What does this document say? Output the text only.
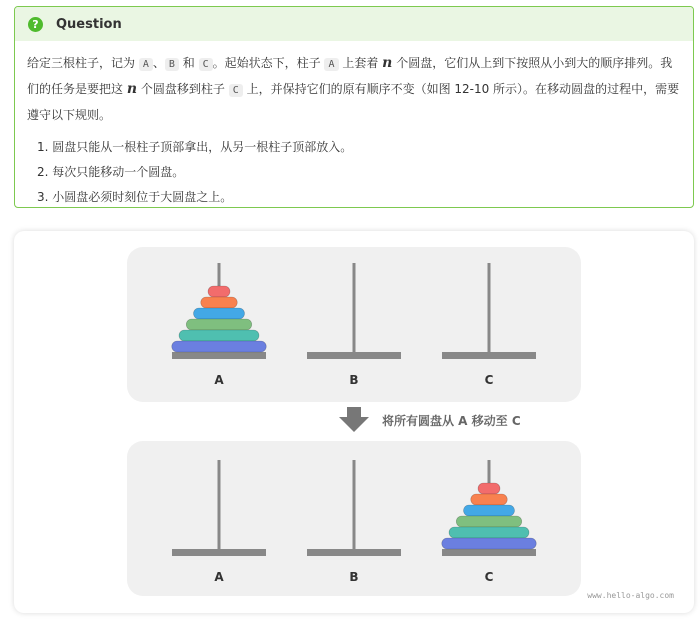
?	Question

给定三根柱子，记为 A 、 B 和 C 。起始状态下，柱子 A 上套着 n 个圆盘，它们从上到下按照从小到大的顺序排列。我们的任务是要把这 n 个圆盘移到柱子 C 上，并保持它们的原有顺序不变（如图 12-10 所示）。在移动圆盘的过程中，需要遵守以下规则。

1. 圆盘只能从一根柱子顶部拿出，从另一根柱子顶部放入。
2. 每次只能移动一个圆盘。
3. 小圆盘必须时刻位于大圆盘之上。
A	B	C
A	B	C
将所有圆盘从 A 移动至 C
www.hello-algo.com
